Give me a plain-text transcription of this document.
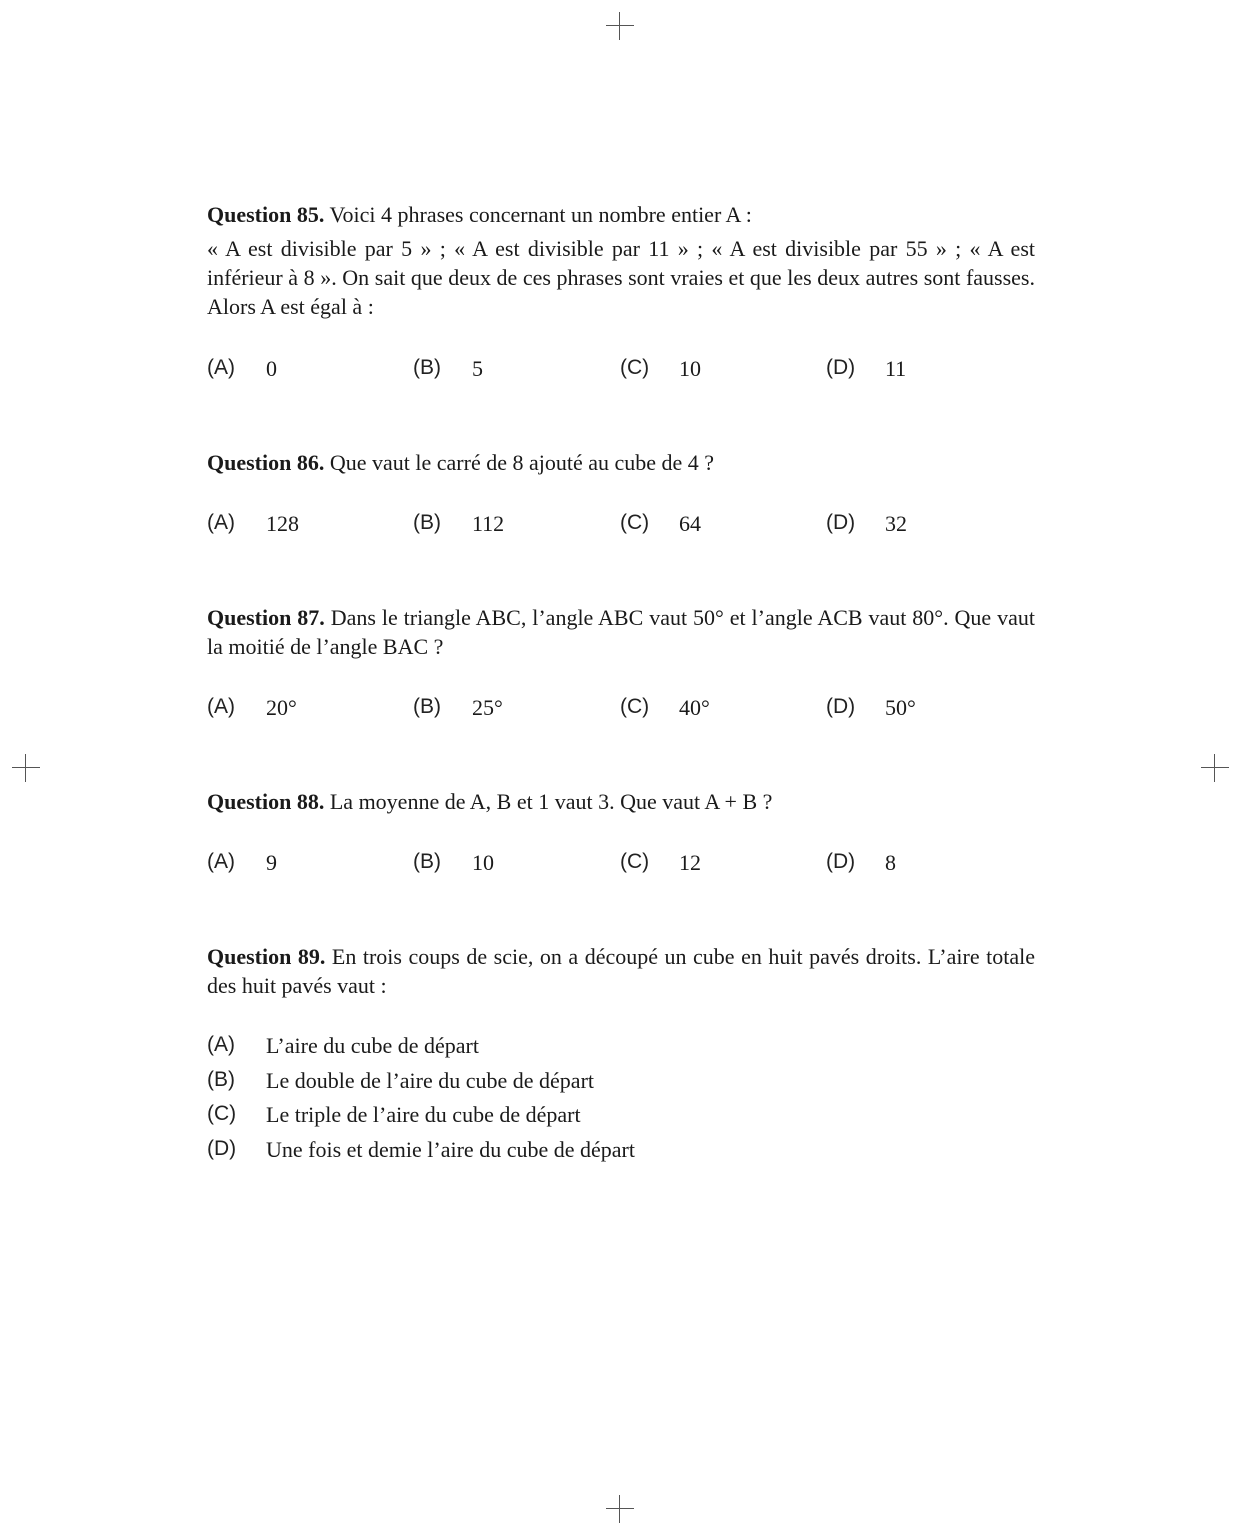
Question 85. Voici 4 phrases concernant un nombre entier A :
« A est divisible par 5 » ; « A est divisible par 11 » ; « A est divisible par 55 » ; « A est inférieur à 8 ». On sait que deux de ces phrases sont vraies et que les deux autres sont fausses. Alors A est égal à :
(A) 0	(B) 5	(C) 10	(D) 11
Question 86. Que vaut le carré de 8 ajouté au cube de 4 ?
(A) 128	(B) 112	(C) 64	(D) 32
Question 87. Dans le triangle ABC, l’angle ABC vaut 50° et l’angle ACB vaut 80°. Que vaut la moitié de l’angle BAC ?
(A) 20°	(B) 25°	(C) 40°	(D) 50°
Question 88. La moyenne de A, B et 1 vaut 3. Que vaut A + B ?
(A) 9	(B) 10	(C) 12	(D) 8
Question 89. En trois coups de scie, on a découpé un cube en huit pavés droits. L’aire totale des huit pavés vaut :
(A) L’aire du cube de départ
(B) Le double de l’aire du cube de départ
(C) Le triple de l’aire du cube de départ
(D) Une fois et demie l’aire du cube de départ
